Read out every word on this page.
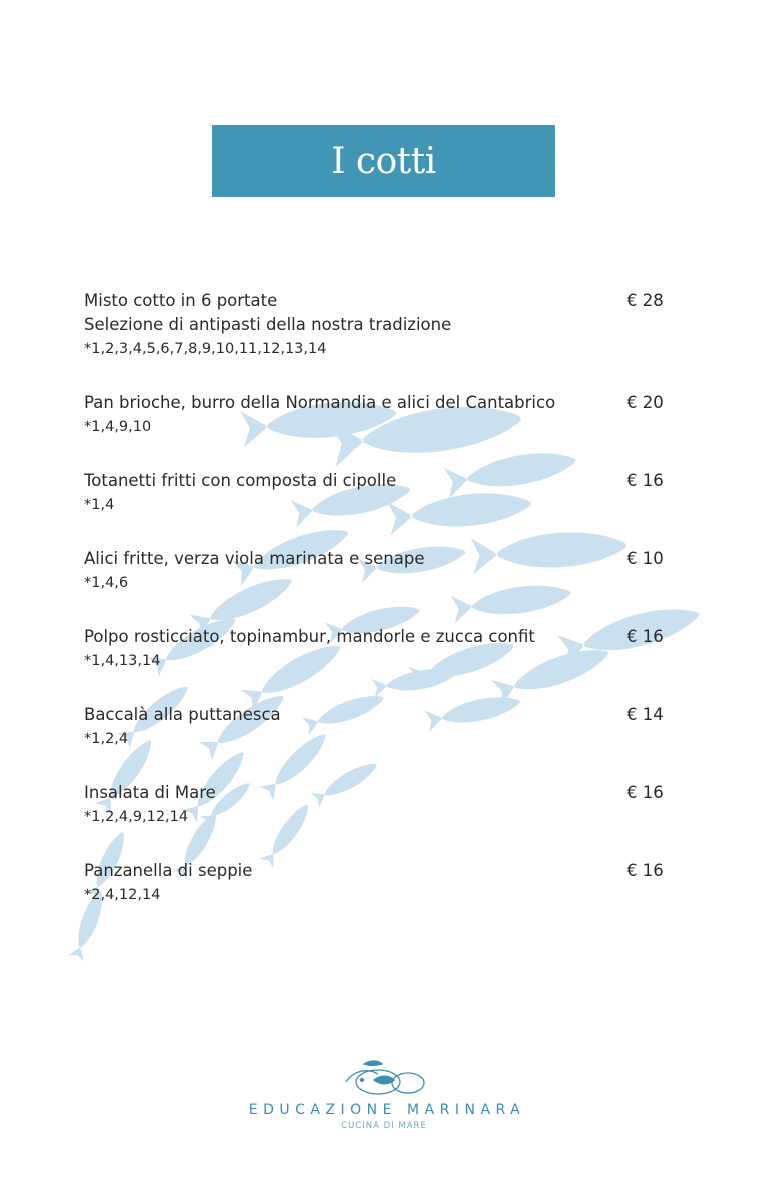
I cotti
Misto cotto in 6 portate
Selezione di antipasti della nostra tradizione
*1,2,3,4,5,6,7,8,9,10,11,12,13,14
€ 28
Pan brioche, burro della Normandia e alici del Cantabrico
*1,4,9,10
€ 20
Totanetti fritti con composta di cipolle
*1,4
€ 16
Alici fritte, verza viola marinata e senape
*1,4,6
€ 10
Polpo rosticciato, topinambur, mandorle e zucca confit
*1,4,13,14
€ 16
Baccalà alla puttanesca
*1,2,4
€ 14
Insalata di Mare
*1,2,4,9,12,14
€ 16
Panzanella di seppie
*2,4,12,14
€ 16
EDUCAZIONE MARINARA
CUCINA DI MARE
